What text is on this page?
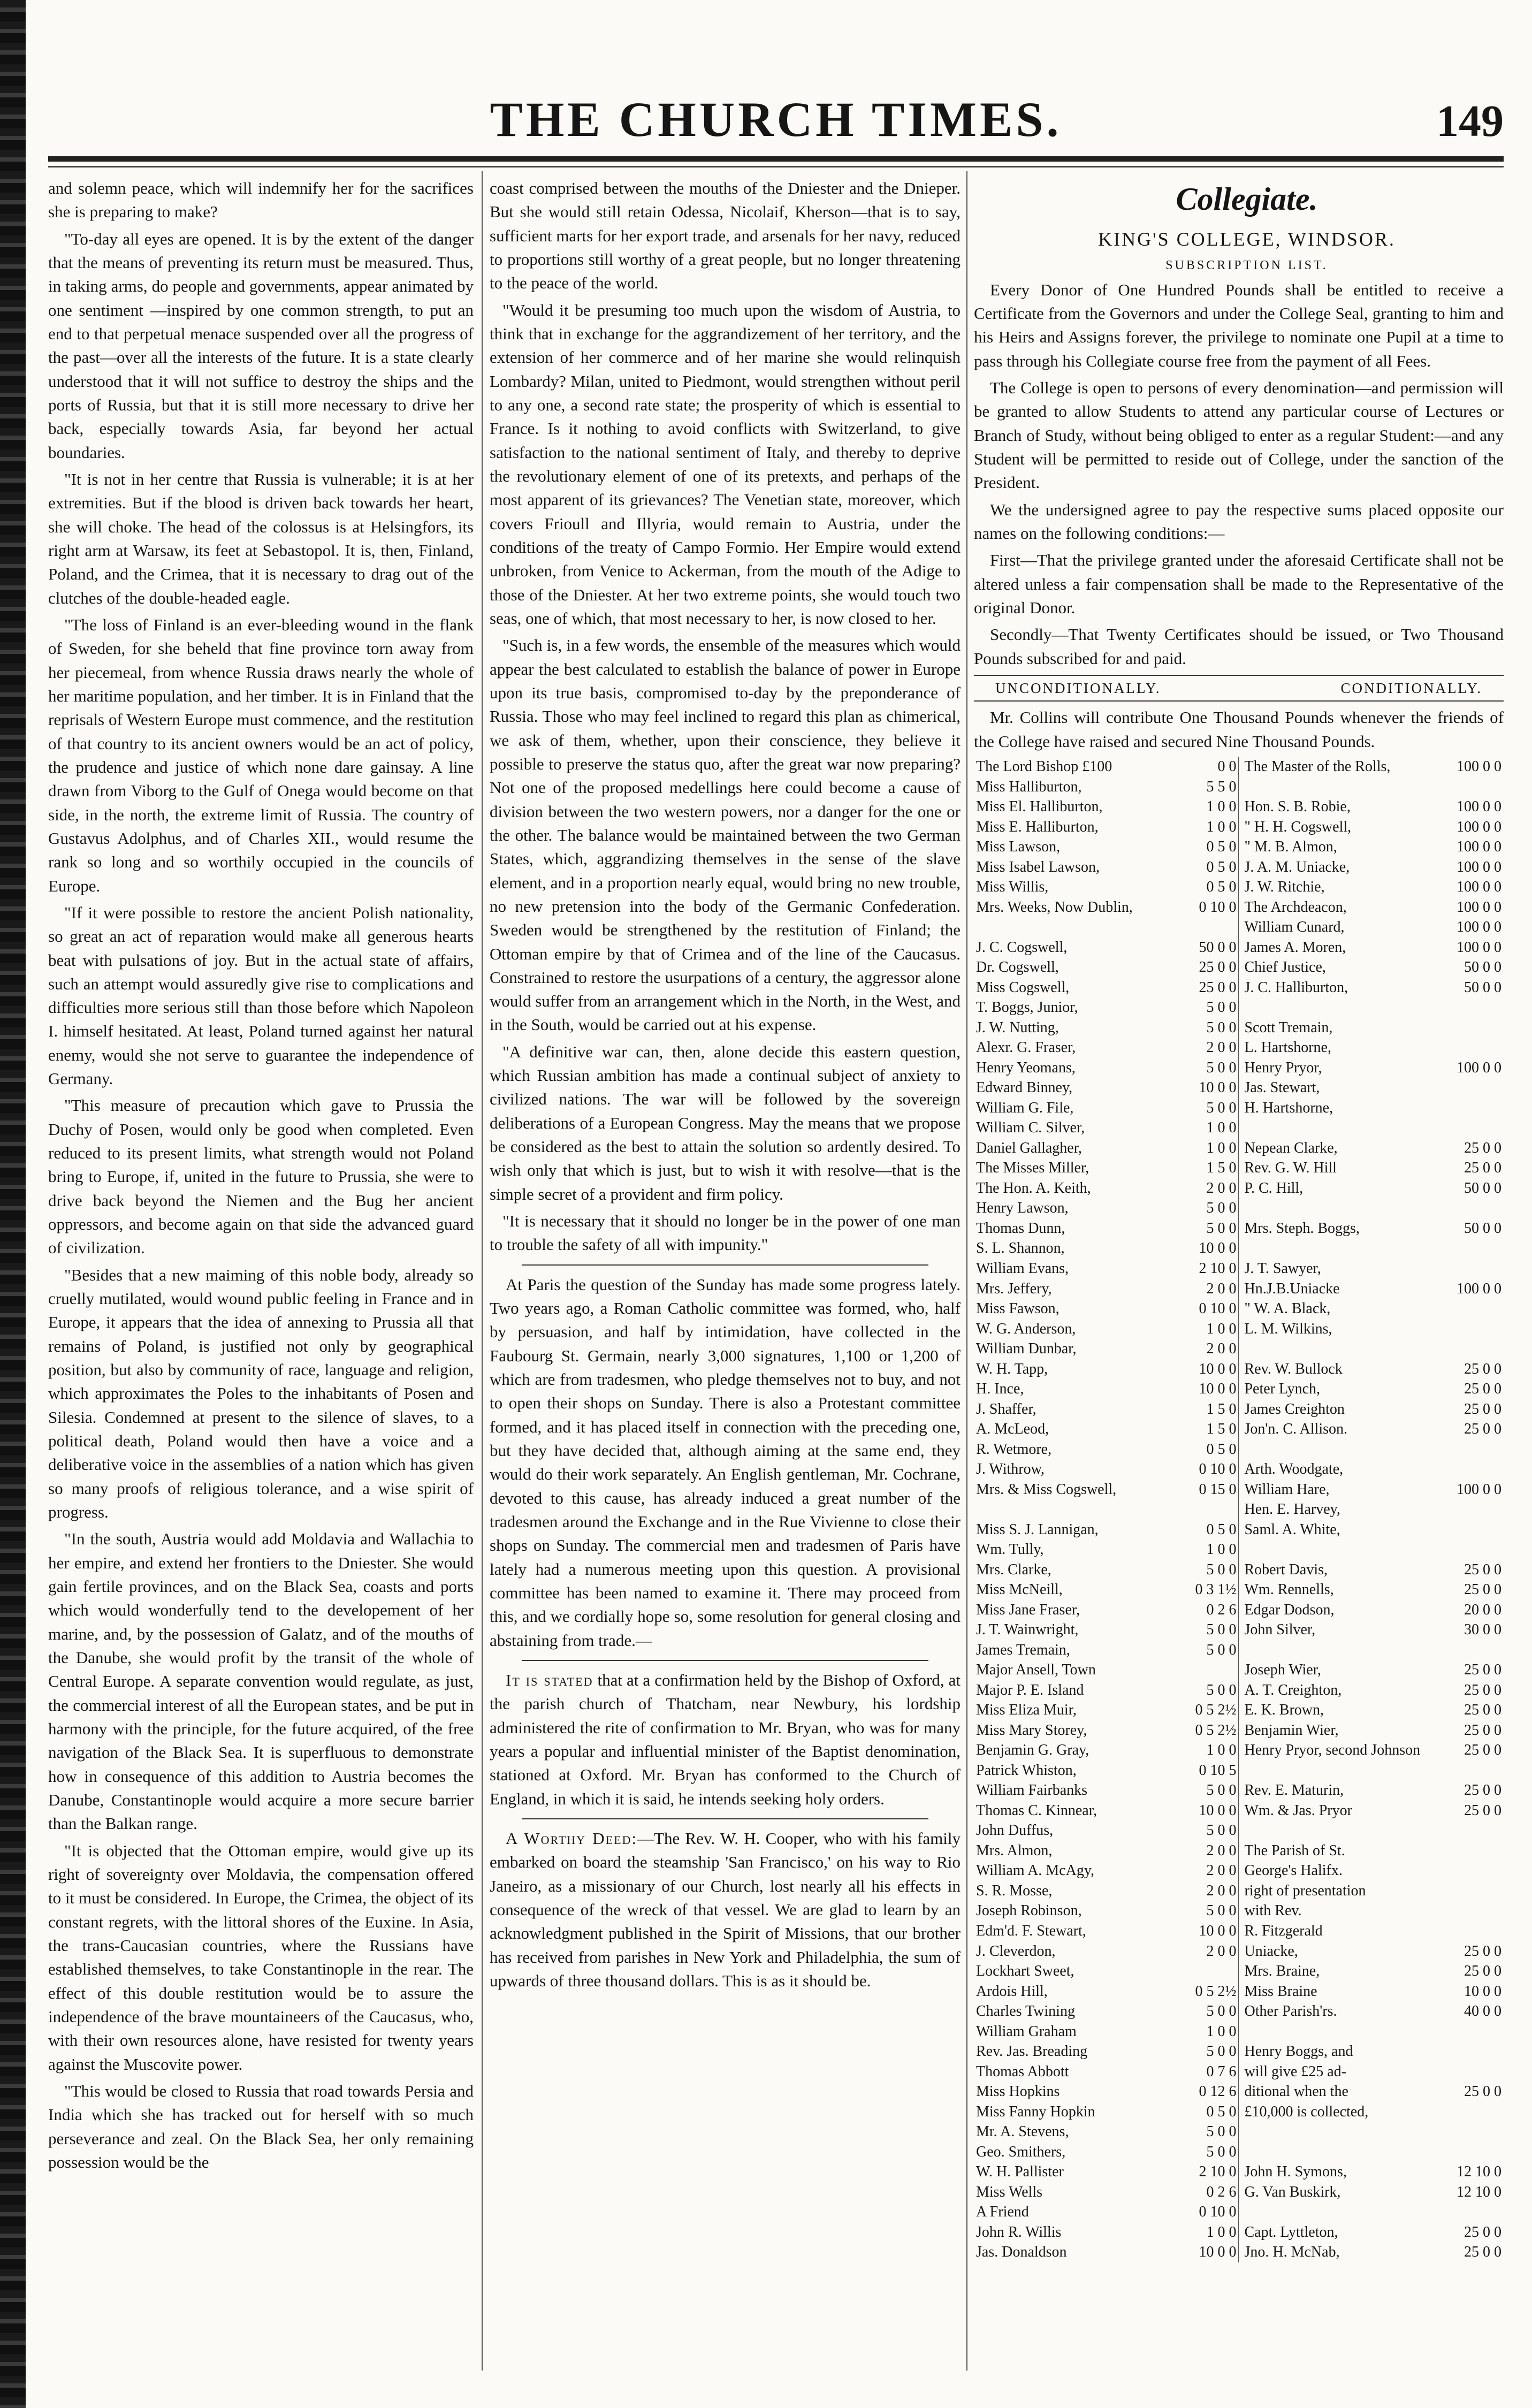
THE CHURCH TIMES.	149

and solemn peace, which will indemnify her for the sacrifices she is preparing to make?

"To-day all eyes are opened. It is by the extent of the danger that the means of preventing its return must be measured. Thus, in taking arms, do people and governments, appear animated by one sentiment —inspired by one common strength, to put an end to that perpetual menace suspended over all the progress of the past—over all the interests of the future. It is a state clearly understood that it will not suffice to destroy the ships and the ports of Russia, but that it is still more necessary to drive her back, especially towards Asia, far beyond her actual boundaries.

"It is not in her centre that Russia is vulnerable; it is at her extremities. But if the blood is driven back towards her heart, she will choke. The head of the colossus is at Helsingfors, its right arm at Warsaw, its feet at Sebastopol. It is, then, Finland, Poland, and the Crimea, that it is necessary to drag out of the clutches of the double-headed eagle.

"The loss of Finland is an ever-bleeding wound in the flank of Sweden, for she beheld that fine province torn away from her piecemeal, from whence Russia draws nearly the whole of her maritime population, and her timber. It is in Finland that the reprisals of Western Europe must commence, and the restitution of that country to its ancient owners would be an act of policy, the prudence and justice of which none dare gainsay. A line drawn from Viborg to the Gulf of Onega would become on that side, in the north, the extreme limit of Russia. The country of Gustavus Adolphus, and of Charles XII., would resume the rank so long and so worthily occupied in the councils of Europe.

"If it were possible to restore the ancient Polish nationality, so great an act of reparation would make all generous hearts beat with pulsations of joy. But in the actual state of affairs, such an attempt would assuredly give rise to complications and difficulties more serious still than those before which Napoleon I. himself hesitated. At least, Poland turned against her natural enemy, would she not serve to guarantee the independence of Germany.

"This measure of precaution which gave to Prussia the Duchy of Posen, would only be good when completed. Even reduced to its present limits, what strength would not Poland bring to Europe, if, united in the future to Prussia, she were to drive back beyond the Niemen and the Bug her ancient oppressors, and become again on that side the advanced guard of civilization.

"Besides that a new maiming of this noble body, already so cruelly mutilated, would wound public feeling in France and in Europe, it appears that the idea of annexing to Prussia all that remains of Poland, is justified not only by geographical position, but also by community of race, language and religion, which approximates the Poles to the inhabitants of Posen and Silesia. Condemned at present to the silence of slaves, to a political death, Poland would then have a voice and a deliberative voice in the assemblies of a nation which has given so many proofs of religious tolerance, and a wise spirit of progress.

"In the south, Austria would add Moldavia and Wallachia to her empire, and extend her frontiers to the Dniester. She would gain fertile provinces, and on the Black Sea, coasts and ports which would wonderfully tend to the developement of her marine, and, by the possession of Galatz, and of the mouths of the Danube, she would profit by the transit of the whole of Central Europe. A separate convention would regulate, as just, the commercial interest of all the European states, and be put in harmony with the principle, for the future acquired, of the free navigation of the Black Sea. It is superfluous to demonstrate how in consequence of this addition to Austria becomes the Danube, Constantinople would acquire a more secure barrier than the Balkan range.

"It is objected that the Ottoman empire, would give up its right of sovereignty over Moldavia, the compensation offered to it must be considered. In Europe, the Crimea, the object of its constant regrets, with the littoral shores of the Euxine. In Asia, the trans-Caucasian countries, where the Russians have established themselves, to take Constantinople in the rear. The effect of this double restitution would be to assure the independence of the brave mountaineers of the Caucasus, who, with their own resources alone, have resisted for twenty years against the Muscovite power.

"This would be closed to Russia that road towards Persia and India which she has tracked out for herself with so much perseverance and zeal. On the Black Sea, her only remaining possession would be the

coast comprised between the mouths of the Dniester and the Dnieper. But she would still retain Odessa, Nicolaif, Kherson—that is to say, sufficient marts for her export trade, and arsenals for her navy, reduced to proportions still worthy of a great people, but no longer threatening to the peace of the world.

"Would it be presuming too much upon the wisdom of Austria, to think that in exchange for the aggrandizement of her territory, and the extension of her commerce and of her marine she would relinquish Lombardy? Milan, united to Piedmont, would strengthen without peril to any one, a second rate state; the prosperity of which is essential to France. Is it nothing to avoid conflicts with Switzerland, to give satisfaction to the national sentiment of Italy, and thereby to deprive the revolutionary element of one of its pretexts, and perhaps of the most apparent of its grievances? The Venetian state, moreover, which covers Frioull and Illyria, would remain to Austria, under the conditions of the treaty of Campo Formio. Her Empire would extend unbroken, from Venice to Ackerman, from the mouth of the Adige to those of the Dniester. At her two extreme points, she would touch two seas, one of which, that most necessary to her, is now closed to her.

"Such is, in a few words, the ensemble of the measures which would appear the best calculated to establish the balance of power in Europe upon its true basis, compromised to-day by the preponderance of Russia. Those who may feel inclined to regard this plan as chimerical, we ask of them, whether, upon their conscience, they believe it possible to preserve the status quo, after the great war now preparing? Not one of the proposed medellings here could become a cause of division between the two western powers, nor a danger for the one or the other. The balance would be maintained between the two German States, which, aggrandizing themselves in the sense of the slave element, and in a proportion nearly equal, would bring no new trouble, no new pretension into the body of the Germanic Confederation. Sweden would be strengthened by the restitution of Finland; the Ottoman empire by that of Crimea and of the line of the Caucasus. Constrained to restore the usurpations of a century, the aggressor alone would suffer from an arrangement which in the North, in the West, and in the South, would be carried out at his expense.

"A definitive war can, then, alone decide this eastern question, which Russian ambition has made a continual subject of anxiety to civilized nations. The war will be followed by the sovereign deliberations of a European Congress. May the means that we propose be considered as the best to attain the solution so ardently desired. To wish only that which is just, but to wish it with resolve—that is the simple secret of a provident and firm policy.

"It is necessary that it should no longer be in the power of one man to trouble the safety of all with impunity."

At Paris the question of the Sunday has made some progress lately. Two years ago, a Roman Catholic committee was formed, who, half by persuasion, and half by intimidation, have collected in the Faubourg St. Germain, nearly 3,000 signatures, 1,100 or 1,200 of which are from tradesmen, who pledge themselves not to buy, and not to open their shops on Sunday. There is also a Protestant committee formed, and it has placed itself in connection with the preceding one, but they have decided that, although aiming at the same end, they would do their work separately. An English gentleman, Mr. Cochrane, devoted to this cause, has already induced a great number of the tradesmen around the Exchange and in the Rue Vivienne to close their shops on Sunday. The commercial men and tradesmen of Paris have lately had a numerous meeting upon this question. A provisional committee has been named to examine it. There may proceed from this, and we cordially hope so, some resolution for general closing and abstaining from trade.—

It is stated that at a confirmation held by the Bishop of Oxford, at the parish church of Thatcham, near Newbury, his lordship administered the rite of confirmation to Mr. Bryan, who was for many years a popular and influential minister of the Baptist denomination, stationed at Oxford. Mr. Bryan has conformed to the Church of England, in which it is said, he intends seeking holy orders.

A Worthy Deed:—The Rev. W. H. Cooper, who with his family embarked on board the steamship 'San Francisco,' on his way to Rio Janeiro, as a missionary of our Church, lost nearly all his effects in consequence of the wreck of that vessel. We are glad to learn by an acknowledgment published in the Spirit of Missions, that our brother has received from parishes in New York and Philadelphia, the sum of upwards of three thousand dollars. This is as it should be.

Collegiate.

KING'S COLLEGE, WINDSOR.

SUBSCRIPTION LIST.

Every Donor of One Hundred Pounds shall be entitled to receive a Certificate from the Governors and under the College Seal, granting to him and his Heirs and Assigns forever, the privilege to nominate one Pupil at a time to pass through his Collegiate course free from the payment of all Fees.

The College is open to persons of every denomination—and permission will be granted to allow Students to attend any particular course of Lectures or Branch of Study, without being obliged to enter as a regular Student:—and any Student will be permitted to reside out of College, under the sanction of the President.

We the undersigned agree to pay the respective sums placed opposite our names on the following conditions:—

First—That the privilege granted under the aforesaid Certificate shall not be altered unless a fair compensation shall be made to the Representative of the original Donor.

Secondly—That Twenty Certificates should be issued, or Two Thousand Pounds subscribed for and paid.

UNCONDITIONALLY.	CONDITIONALLY.

Mr. Collins will contribute One Thousand Pounds whenever the friends of the College have raised and secured Nine Thousand Pounds.

The Lord Bishop £100	0 0	The Master of the Rolls,	100 0 0
Miss Halliburton,	5 5 0		
Miss El. Halliburton,	1 0 0	Hon. S. B. Robie,	100 0 0
Miss E. Halliburton,	1 0 0	" H. H. Cogswell,	100 0 0
Miss Lawson,	0 5 0	" M. B. Almon,	100 0 0
Miss Isabel Lawson,	0 5 0	J. A. M. Uniacke,	100 0 0
Miss Willis,	0 5 0	J. W. Ritchie,	100 0 0
Mrs. Weeks, Now Dublin,	0 10 0	The Archdeacon,	100 0 0
		William Cunard,	100 0 0
J. C. Cogswell,	50 0 0	James A. Moren,	100 0 0
Dr. Cogswell,	25 0 0	Chief Justice,	50 0 0
Miss Cogswell,	25 0 0	J. C. Halliburton,	50 0 0
T. Boggs, Junior,	5 0 0		
J. W. Nutting,	5 0 0	Scott Tremain,	
Alexr. G. Fraser,	2 0 0	L. Hartshorne,	
Henry Yeomans,	5 0 0	Henry Pryor,	100 0 0
Edward Binney,	10 0 0	Jas. Stewart,	
William G. File,	5 0 0	H. Hartshorne,	
William C. Silver,	1 0 0		
Daniel Gallagher,	1 0 0	Nepean Clarke,	25 0 0
The Misses Miller,	1 5 0	Rev. G. W. Hill	25 0 0
The Hon. A. Keith,	2 0 0	P. C. Hill,	50 0 0
Henry Lawson,	5 0 0		
Thomas Dunn,	5 0 0	Mrs. Steph. Boggs,	50 0 0
S. L. Shannon,	10 0 0		
William Evans,	2 10 0	J. T. Sawyer,	
Mrs. Jeffery,	2 0 0	Hn.J.B.Uniacke	100 0 0
Miss Fawson,	0 10 0	" W. A. Black,	
W. G. Anderson,	1 0 0	L. M. Wilkins,	
William Dunbar,	2 0 0		
W. H. Tapp,	10 0 0	Rev. W. Bullock	25 0 0
H. Ince,	10 0 0	Peter Lynch,	25 0 0
J. Shaffer,	1 5 0	James Creighton	25 0 0
A. McLeod,	1 5 0	Jon'n. C. Allison.	25 0 0
R. Wetmore,	0 5 0		
J. Withrow,	0 10 0	Arth. Woodgate,	
Mrs. & Miss Cogswell,	0 15 0	William Hare,	100 0 0
		Hen. E. Harvey,	
Miss S. J. Lannigan,	0 5 0	Saml. A. White,	
Wm. Tully,	1 0 0		
Mrs. Clarke,	5 0 0	Robert Davis,	25 0 0
Miss McNeill,	0 3 1½	Wm. Rennells,	25 0 0
Miss Jane Fraser,	0 2 6	Edgar Dodson,	20 0 0
J. T. Wainwright,	5 0 0	John Silver,	30 0 0
James Tremain,	5 0 0		
Major Ansell, Town		Joseph Wier,	25 0 0
Major P. E. Island	5 0 0	A. T. Creighton,	25 0 0
Miss Eliza Muir,	0 5 2½	E. K. Brown,	25 0 0
Miss Mary Storey,	0 5 2½	Benjamin Wier,	25 0 0
Benjamin G. Gray,	1 0 0	Henry Pryor, second Johnson	25 0 0
Patrick Whiston,	0 10 5		
William Fairbanks	5 0 0	Rev. E. Maturin,	25 0 0
Thomas C. Kinnear,	10 0 0	Wm. & Jas. Pryor	25 0 0
John Duffus,	5 0 0		
Mrs. Almon,	2 0 0	The Parish of St.	
William A. McAgy,	2 0 0	George's Halifx.	
S. R. Mosse,	2 0 0	right of presentation	
Joseph Robinson,	5 0 0	with Rev.	
Edm'd. F. Stewart,	10 0 0	R. Fitzgerald	
J. Cleverdon,	2 0 0	Uniacke,	25 0 0
Lockhart Sweet,		Mrs. Braine,	25 0 0
Ardois Hill,	0 5 2½	Miss Braine	10 0 0
Charles Twining	5 0 0	Other Parish'rs.	40 0 0
William Graham	1 0 0		
Rev. Jas. Breading	5 0 0	Henry Boggs, and	
Thomas Abbott	0 7 6	will give £25 ad-	
Miss Hopkins	0 12 6	ditional when the	25 0 0
Miss Fanny Hopkin	0 5 0	£10,000 is collected,	
Mr. A. Stevens,	5 0 0		
Geo. Smithers,	5 0 0		
W. H. Pallister	2 10 0	John H. Symons,	12 10 0
Miss Wells	0 2 6	G. Van Buskirk,	12 10 0
A Friend	0 10 0		
John R. Willis	1 0 0	Capt. Lyttleton,	25 0 0
Jas. Donaldson	10 0 0	Jno. H. McNab,	25 0 0
